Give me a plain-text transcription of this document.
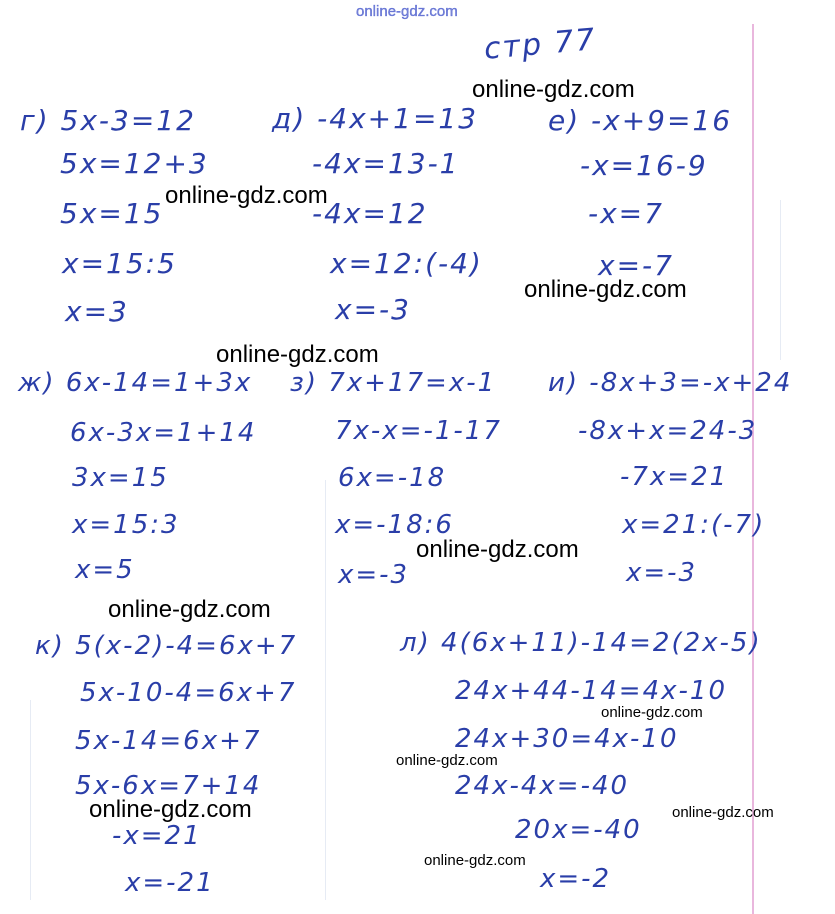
online-gdz.com
стр 77
г) 5x-3=12
5x=12+3
5x=15
x=15:5
x=3
д) -4x+1=13
-4x=13-1
-4x=12
x=12:(-4)
x=-3
е) -x+9=16
-x=16-9
-x=7
x=-7
ж) 6x-14=1+3x
6x-3x=1+14
3x=15
x=15:3
x=5
з) 7x+17=x-1
7x-x=-1-17
6x=-18
x=-18:6
x=-3
и) -8x+3=-x+24
-8x+x=24-3
-7x=21
x=21:(-7)
x=-3
к) 5(x-2)-4=6x+7
5x-10-4=6x+7
5x-14=6x+7
5x-6x=7+14
-x=21
x=-21
л) 4(6x+11)-14=2(2x-5)
24x+44-14=4x-10
24x+30=4x-10
24x-4x=-40
20x=-40
x=-2
online-gdz.com
online-gdz.com
online-gdz.com
online-gdz.com
online-gdz.com
online-gdz.com
online-gdz.com
online-gdz.com
online-gdz.com	online-gdz.com
online-gdz.com
